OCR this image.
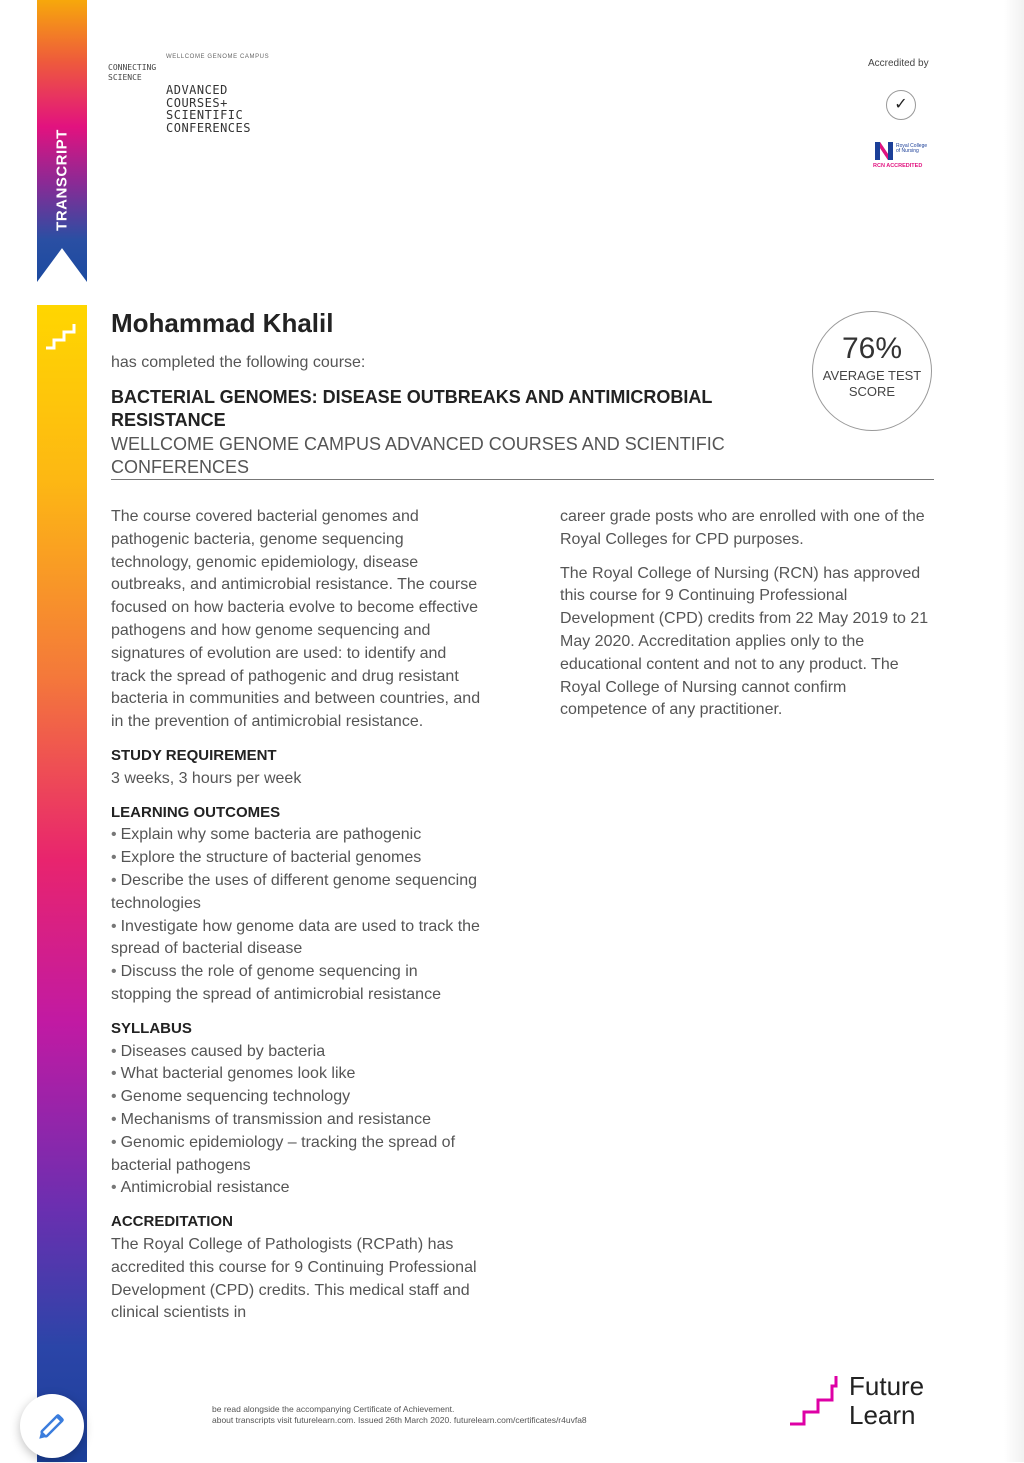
TRANSCRIPT
WELLCOME GENOME CAMPUS
CONNECTING
SCIENCE
ADVANCED
COURSES+
SCIENTIFIC
CONFERENCES
Accredited by
✓
Royal College
of Nursing
RCN ACCREDITED
Mohammad Khalil
has completed the following course:
BACTERIAL GENOMES: DISEASE OUTBREAKS AND ANTIMICROBIAL RESISTANCE
WELLCOME GENOME CAMPUS ADVANCED COURSES AND SCIENTIFIC CONFERENCES
76%
AVERAGE TEST
SCORE

The course covered bacterial genomes and pathogenic bacteria, genome sequencing technology, genomic epidemiology, disease outbreaks, and antimicrobial resistance. The course focused on how bacteria evolve to become effective pathogens and how genome sequencing and signatures of evolution are used: to identify and track the spread of pathogenic and drug resistant bacteria in communities and between countries, and in the prevention of antimicrobial resistance.

STUDY REQUIREMENT

3 weeks, 3 hours per week

LEARNING OUTCOMES
• Explain why some bacteria are pathogenic
• Explore the structure of bacterial genomes
• Describe the uses of different genome sequencing technologies
• Investigate how genome data are used to track the spread of bacterial disease
• Discuss the role of genome sequencing in stopping the spread of antimicrobial resistance
SYLLABUS
• Diseases caused by bacteria
• What bacterial genomes look like
• Genome sequencing technology
• Mechanisms of transmission and resistance
• Genomic epidemiology – tracking the spread of bacterial pathogens
• Antimicrobial resistance
ACCREDITATION

The Royal College of Pathologists (RCPath) has accredited this course for 9 Continuing Professional Development (CPD) credits. This medical staff and clinical scientists in

career grade posts who are enrolled with one of the Royal Colleges for CPD purposes.

The Royal College of Nursing (RCN) has approved this course for 9 Continuing Professional Development (CPD) credits from 22 May 2019 to 21 May 2020. Accreditation applies only to the educational content and not to any product. The Royal College of Nursing cannot confirm competence of any practitioner.

be read alongside the accompanying Certificate of Achievement.
about transcripts visit futurelearn.com. Issued 26th March 2020. futurelearn.com/certificates/r4uvfa8
Future
Learn
